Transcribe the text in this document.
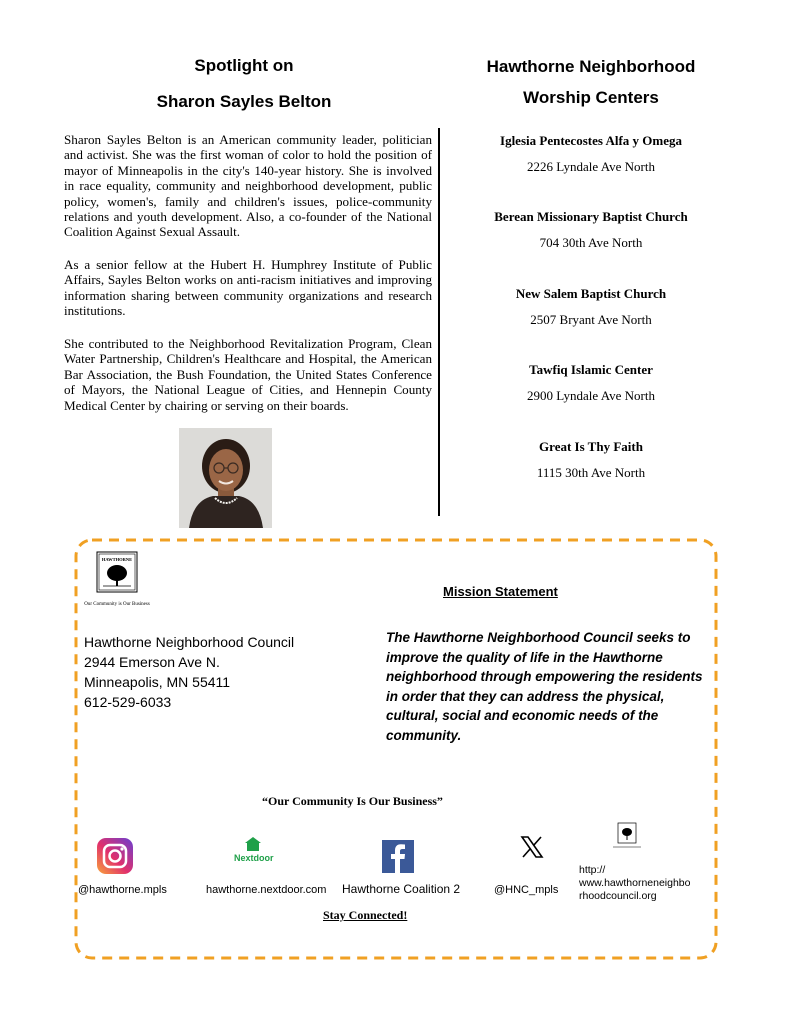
Spotlight on
Sharon Sayles Belton
Sharon Sayles Belton is an American community leader, politician and activist. She was the first woman of color to hold the position of mayor of Minneapolis in the city's 140-year history. She is involved in race equality, community and neighborhood development, public policy, women's, family and children's issues, police-community relations and youth development. Also, a co-founder of the National Coalition Against Sexual Assault.
As a senior fellow at the Hubert H. Humphrey Institute of Public Affairs, Sayles Belton works on anti-racism initiatives and improving information sharing between community organizations and research institutions.
She contributed to the Neighborhood Revitalization Program, Clean Water Partnership, Children's Healthcare and Hospital, the American Bar Association, the Bush Foundation, the United States Conference of Mayors, the National League of Cities, and Hennepin County Medical Center by chairing or serving on their boards.
Hawthorne Neighborhood
Worship Centers
Iglesia Pentecostes Alfa y Omega
2226 Lyndale Ave North
Berean Missionary Baptist Church
704 30th Ave North
New Salem Baptist Church
2507 Bryant Ave North
Tawfiq Islamic Center
2900 Lyndale Ave North
Great Is Thy Faith
1115 30th Ave North
HAWTHORNE
Our Community is Our Business
Hawthorne Neighborhood Council
2944 Emerson Ave N.
Minneapolis, MN 55411
612-529-6033
Mission Statement
The Hawthorne Neighborhood Council seeks to improve the quality of life in the Hawthorne neighborhood through empowering the residents in order that they can address the physical, cultural, social and economic needs of the community.
“Our Community Is Our Business”
@hawthorne.mpls
Nextdoor
hawthorne.nextdoor.com Hawthorne Coalition 2	@HNC_mpls
http://
www.hawthorneneighbo
rhoodcouncil.org
Stay Connected!
